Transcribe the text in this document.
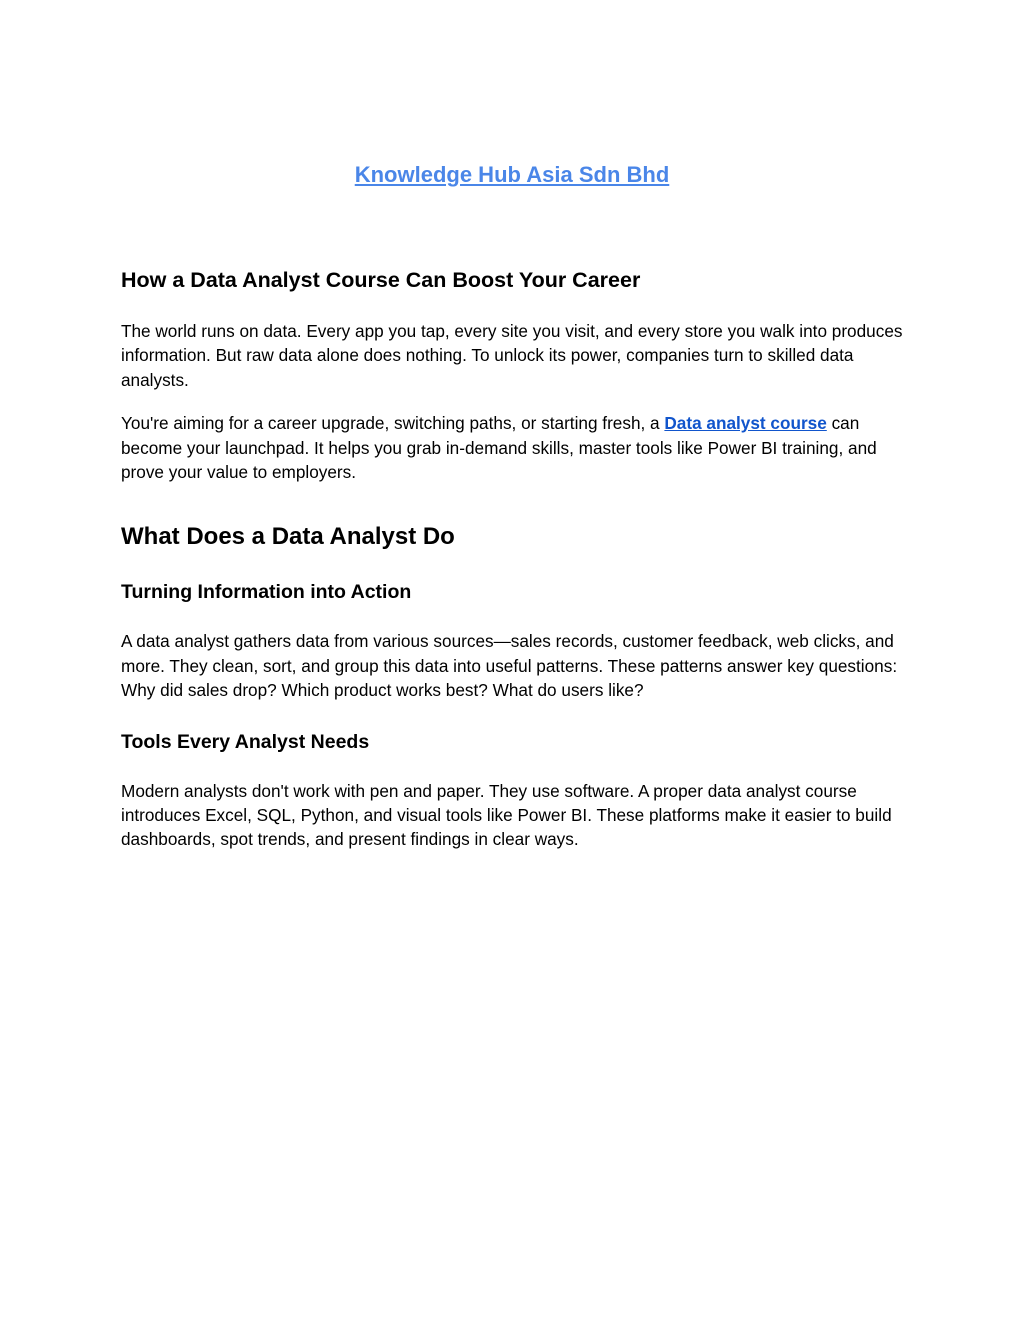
Knowledge Hub Asia Sdn Bhd
How a Data Analyst Course Can Boost Your Career

The world runs on data. Every app you tap, every site you visit, and every store you walk into produces information. But raw data alone does nothing. To unlock its power, companies turn to skilled data analysts.

You're aiming for a career upgrade, switching paths, or starting fresh, a Data analyst course can become your launchpad. It helps you grab in-demand skills, master tools like Power BI training, and prove your value to employers.

What Does a Data Analyst Do
Turning Information into Action

A data analyst gathers data from various sources—sales records, customer feedback, web clicks, and more. They clean, sort, and group this data into useful patterns. These patterns answer key questions: Why did sales drop? Which product works best? What do users like?

Tools Every Analyst Needs

Modern analysts don't work with pen and paper. They use software. A proper data analyst course introduces Excel, SQL, Python, and visual tools like Power BI. These platforms make it easier to build dashboards, spot trends, and present findings in clear ways.
